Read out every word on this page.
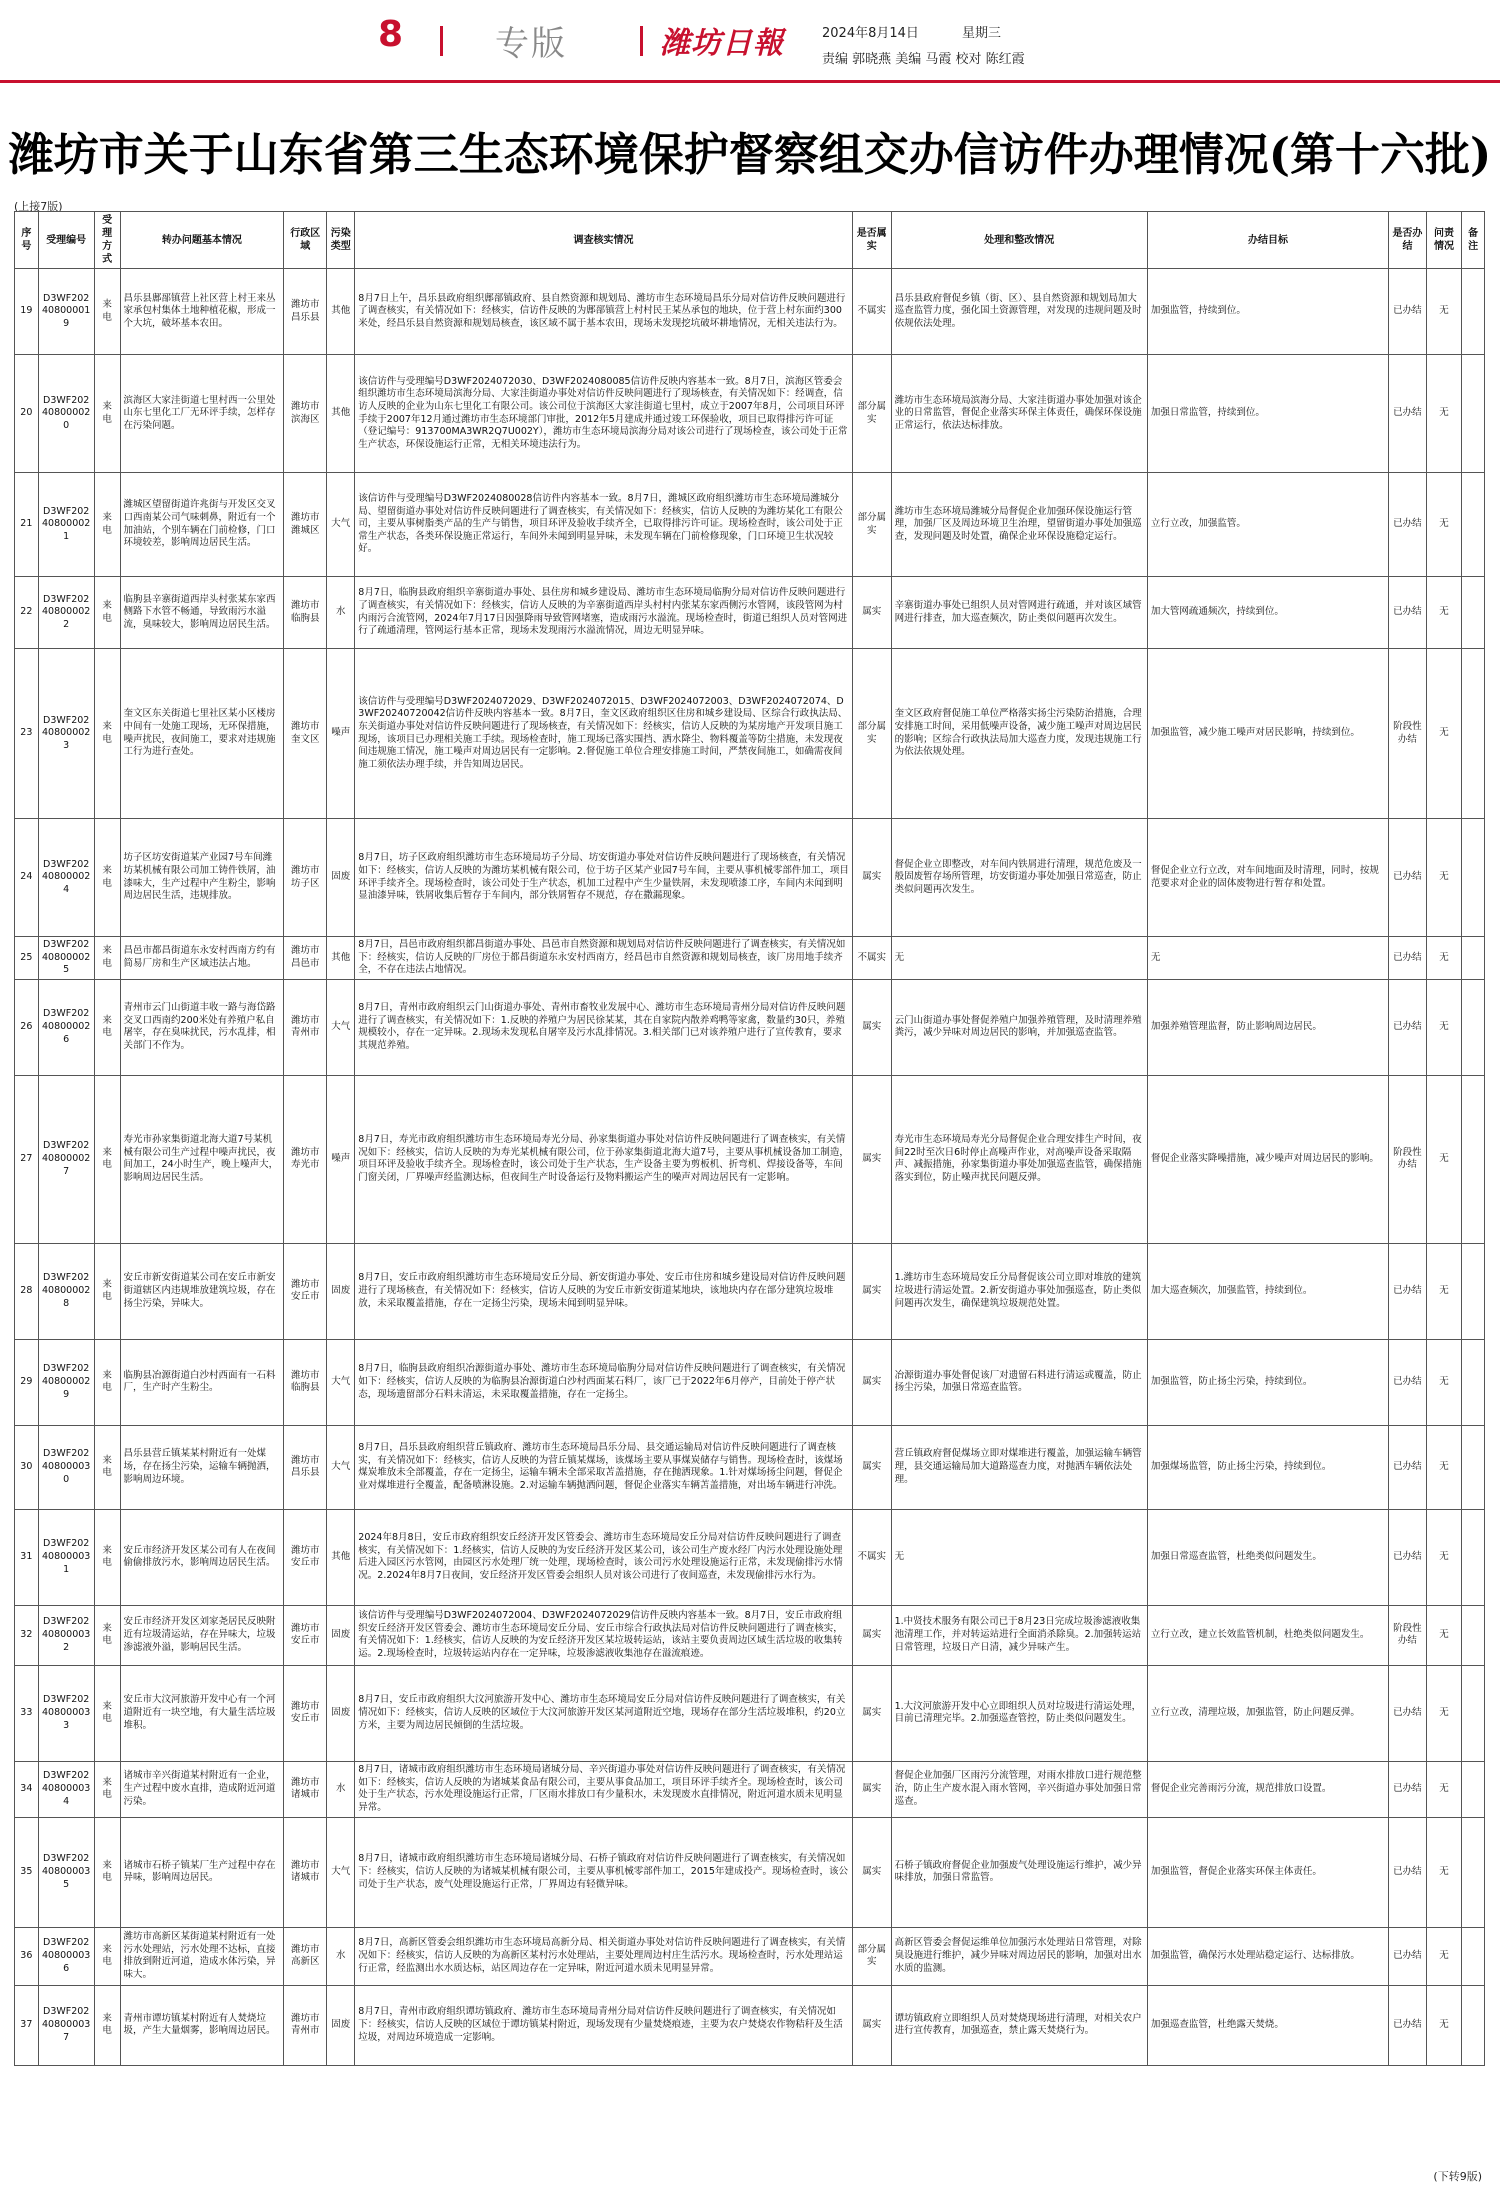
8	专版	潍坊日報	2024年8月14日	星期三
责编 郭晓燕 美编 马霞 校对 陈红霞
潍坊市关于山东省第三生态环境保护督察组交办信访件办理情况(第十六批)
(上接7版)
序号	受理编号	受理方式	转办问题基本情况	行政区域	污染类型	调查核实情况	是否属实	处理和整改情况	办结目标	是否办结	问责情况	备注
19	D3WF202408000019	来电	昌乐县鄌郚镇营上社区营上村王来丛家承包村集体土地种植花椒，形成一个大坑，破坏基本农田。	潍坊市昌乐县	其他	8月7日上午，昌乐县政府组织鄌郚镇政府、县自然资源和规划局、潍坊市生态环境局昌乐分局对信访件反映问题进行了调查核实，有关情况如下：经核实，信访件反映的为鄌郚镇营上村村民王某丛承包的地块，位于营上村东面约300米处，经昌乐县自然资源和规划局核查，该区域不属于基本农田，现场未发现挖坑破坏耕地情况，无相关违法行为。	不属实	昌乐县政府督促乡镇（街、区）、县自然资源和规划局加大巡查监管力度，强化国土资源管理，对发现的违规问题及时依规依法处理。	加强监管，持续到位。	已办结	无	
20	D3WF202408000020	来电	滨海区大家洼街道七里村西一公里处山东七里化工厂无环评手续，怎样存在污染问题。	潍坊市滨海区	其他	该信访件与受理编号D3WF2024072030、D3WF2024080085信访件反映内容基本一致。8月7日，滨海区管委会组织潍坊市生态环境局滨海分局、大家洼街道办事处对信访件反映问题进行了现场核查，有关情况如下：经调查，信访人反映的企业为山东七里化工有限公司。该公司位于滨海区大家洼街道七里村，成立于2007年8月，公司项目环评手续于2007年12月通过潍坊市生态环境部门审批，2012年5月建成并通过竣工环保验收，项目已取得排污许可证（登记编号：913700MA3WR2Q7U002Y），潍坊市生态环境局滨海分局对该公司进行了现场检查，该公司处于正常生产状态，环保设施运行正常，无相关环境违法行为。	部分属实	潍坊市生态环境局滨海分局、大家洼街道办事处加强对该企业的日常监管，督促企业落实环保主体责任，确保环保设施正常运行，依法达标排放。	加强日常监管，持续到位。	已办结	无	
21	D3WF202408000021	来电	潍城区望留街道许兆街与开发区交叉口西南某公司气味刺鼻，附近有一个加油站，个别车辆在门前检修，门口环境较差，影响周边居民生活。	潍坊市潍城区	大气	该信访件与受理编号D3WF2024080028信访件内容基本一致。8月7日，潍城区政府组织潍坊市生态环境局潍城分局、望留街道办事处对信访件反映问题进行了调查核实，有关情况如下：经核实，信访人反映的为潍坊某化工有限公司，主要从事树脂类产品的生产与销售，项目环评及验收手续齐全，已取得排污许可证。现场检查时，该公司处于正常生产状态，各类环保设施正常运行，车间外未闻到明显异味，未发现车辆在门前检修现象，门口环境卫生状况较好。	部分属实	潍坊市生态环境局潍城分局督促企业加强环保设施运行管理，加强厂区及周边环境卫生治理，望留街道办事处加强巡查，发现问题及时处置，确保企业环保设施稳定运行。	立行立改，加强监管。	已办结	无	
22	D3WF202408000022	来电	临朐县辛寨街道西岸头村张某东家西侧路下水管不畅通，导致雨污水溢流，臭味较大，影响周边居民生活。	潍坊市临朐县	水	8月7日，临朐县政府组织辛寨街道办事处、县住房和城乡建设局、潍坊市生态环境局临朐分局对信访件反映问题进行了调查核实，有关情况如下：经核实，信访人反映的为辛寨街道西岸头村村内张某东家西侧污水管网，该段管网为村内雨污合流管网，2024年7月17日因强降雨导致管网堵塞，造成雨污水溢流。现场检查时，街道已组织人员对管网进行了疏通清理，管网运行基本正常，现场未发现雨污水溢流情况，周边无明显异味。	属实	辛寨街道办事处已组织人员对管网进行疏通，并对该区域管网进行排查，加大巡查频次，防止类似问题再次发生。	加大管网疏通频次，持续到位。	已办结	无	
23	D3WF202408000023	来电	奎文区东关街道七里社区某小区楼房中间有一处施工现场，无环保措施，噪声扰民，夜间施工，要求对违规施工行为进行查处。	潍坊市奎文区	噪声	该信访件与受理编号D3WF2024072029、D3WF2024072015、D3WF2024072003、D3WF2024072074、D3WF20240720042信访件反映内容基本一致。8月7日，奎文区政府组织区住房和城乡建设局、区综合行政执法局、东关街道办事处对信访件反映问题进行了现场核查，有关情况如下：经核实，信访人反映的为某房地产开发项目施工现场，该项目已办理相关施工手续。现场检查时，施工现场已落实围挡、洒水降尘、物料覆盖等防尘措施，未发现夜间违规施工情况，施工噪声对周边居民有一定影响。2.督促施工单位合理安排施工时间，严禁夜间施工，如确需夜间施工须依法办理手续，并告知周边居民。	部分属实	奎文区政府督促施工单位严格落实扬尘污染防治措施，合理安排施工时间，采用低噪声设备，减少施工噪声对周边居民的影响；区综合行政执法局加大巡查力度，发现违规施工行为依法依规处理。	加强监管，减少施工噪声对居民影响，持续到位。	阶段性办结	无	
24	D3WF202408000024	来电	坊子区坊安街道某产业园7号车间潍坊某机械有限公司加工铸件铁屑，油漆味大，生产过程中产生粉尘，影响周边居民生活，违规排放。	潍坊市坊子区	固废	8月7日，坊子区政府组织潍坊市生态环境局坊子分局、坊安街道办事处对信访件反映问题进行了现场核查，有关情况如下：经核实，信访人反映的为潍坊某机械有限公司，位于坊子区某产业园7号车间，主要从事机械零部件加工，项目环评手续齐全。现场检查时，该公司处于生产状态，机加工过程中产生少量铁屑，未发现喷漆工序，车间内未闻到明显油漆异味，铁屑收集后暂存于车间内，部分铁屑暂存不规范，存在撒漏现象。	属实	督促企业立即整改，对车间内铁屑进行清理，规范危废及一般固废暂存场所管理，坊安街道办事处加强日常巡查，防止类似问题再次发生。	督促企业立行立改，对车间地面及时清理，同时，按规范要求对企业的固体废物进行暂存和处置。	已办结	无	
25	D3WF202408000025	来电	昌邑市都昌街道东永安村西南方约有简易厂房和生产区域违法占地。	潍坊市昌邑市	其他	8月7日，昌邑市政府组织都昌街道办事处、昌邑市自然资源和规划局对信访件反映问题进行了调查核实，有关情况如下：经核实，信访人反映的厂房位于都昌街道东永安村西南方，经昌邑市自然资源和规划局核查，该厂房用地手续齐全，不存在违法占地情况。	不属实	无	无	已办结	无	
26	D3WF202408000026	来电	青州市云门山街道丰收一路与海岱路交叉口西南约200米处有养殖户私自屠宰，存在臭味扰民，污水乱排，相关部门不作为。	潍坊市青州市	大气	8月7日，青州市政府组织云门山街道办事处、青州市畜牧业发展中心、潍坊市生态环境局青州分局对信访件反映问题进行了调查核实，有关情况如下：1.反映的养殖户为居民徐某某，其在自家院内散养鸡鸭等家禽，数量约30只，养殖规模较小，存在一定异味。2.现场未发现私自屠宰及污水乱排情况。3.相关部门已对该养殖户进行了宣传教育，要求其规范养殖。	属实	云门山街道办事处督促养殖户加强养殖管理，及时清理养殖粪污，减少异味对周边居民的影响，并加强巡查监管。	加强养殖管理监督，防止影响周边居民。	已办结	无	
27	D3WF202408000027	来电	寿光市孙家集街道北海大道7号某机械有限公司生产过程中噪声扰民，夜间加工，24小时生产，晚上噪声大，影响周边居民生活。	潍坊市寿光市	噪声	8月7日，寿光市政府组织潍坊市生态环境局寿光分局、孙家集街道办事处对信访件反映问题进行了调查核实，有关情况如下：经核实，信访人反映的为寿光某机械有限公司，位于孙家集街道北海大道7号，主要从事机械设备加工制造，项目环评及验收手续齐全。现场检查时，该公司处于生产状态，生产设备主要为剪板机、折弯机、焊接设备等，车间门窗关闭，厂界噪声经监测达标，但夜间生产时设备运行及物料搬运产生的噪声对周边居民有一定影响。	属实	寿光市生态环境局寿光分局督促企业合理安排生产时间，夜间22时至次日6时停止高噪声作业，对高噪声设备采取隔声、减振措施，孙家集街道办事处加强巡查监管，确保措施落实到位，防止噪声扰民问题反弹。	督促企业落实降噪措施，减少噪声对周边居民的影响。	阶段性办结	无	
28	D3WF202408000028	来电	安丘市新安街道某公司在安丘市新安街道辖区内违规堆放建筑垃圾，存在扬尘污染，异味大。	潍坊市安丘市	固废	8月7日，安丘市政府组织潍坊市生态环境局安丘分局、新安街道办事处、安丘市住房和城乡建设局对信访件反映问题进行了现场核查，有关情况如下：经核实，信访人反映的为安丘市新安街道某地块，该地块内存在部分建筑垃圾堆放，未采取覆盖措施，存在一定扬尘污染，现场未闻到明显异味。	属实	1.潍坊市生态环境局安丘分局督促该公司立即对堆放的建筑垃圾进行清运处置。2.新安街道办事处加强巡查，防止类似问题再次发生，确保建筑垃圾规范处置。	加大巡查频次，加强监管，持续到位。	已办结	无	
29	D3WF202408000029	来电	临朐县冶源街道白沙村西面有一石料厂，生产时产生粉尘。	潍坊市临朐县	大气	8月7日，临朐县政府组织冶源街道办事处、潍坊市生态环境局临朐分局对信访件反映问题进行了调查核实，有关情况如下：经核实，信访人反映的为临朐县冶源街道白沙村西面某石料厂，该厂已于2022年6月停产，目前处于停产状态，现场遗留部分石料未清运，未采取覆盖措施，存在一定扬尘。	属实	冶源街道办事处督促该厂对遗留石料进行清运或覆盖，防止扬尘污染，加强日常巡查监管。	加强监管，防止扬尘污染，持续到位。	已办结	无	
30	D3WF202408000030	来电	昌乐县营丘镇某某村附近有一处煤场，存在扬尘污染，运输车辆抛洒，影响周边环境。	潍坊市昌乐县	大气	8月7日，昌乐县政府组织营丘镇政府、潍坊市生态环境局昌乐分局、县交通运输局对信访件反映问题进行了调查核实，有关情况如下：经核实，信访人反映的为营丘镇某煤场，该煤场主要从事煤炭储存与销售。现场检查时，该煤场煤炭堆放未全部覆盖，存在一定扬尘，运输车辆未全部采取苫盖措施，存在抛洒现象。1.针对煤场扬尘问题，督促企业对煤堆进行全覆盖，配备喷淋设施。2.对运输车辆抛洒问题，督促企业落实车辆苫盖措施，对出场车辆进行冲洗。	属实	营丘镇政府督促煤场立即对煤堆进行覆盖，加强运输车辆管理，县交通运输局加大道路巡查力度，对抛洒车辆依法处理。	加强煤场监管，防止扬尘污染，持续到位。	已办结	无	
31	D3WF202408000031	来电	安丘市经济开发区某公司有人在夜间偷偷排放污水，影响周边居民生活。	潍坊市安丘市	其他	2024年8月8日，安丘市政府组织安丘经济开发区管委会、潍坊市生态环境局安丘分局对信访件反映问题进行了调查核实，有关情况如下：1.经核实，信访人反映的为安丘经济开发区某公司，该公司生产废水经厂内污水处理设施处理后进入园区污水管网，由园区污水处理厂统一处理，现场检查时，该公司污水处理设施运行正常，未发现偷排污水情况。2.2024年8月7日夜间，安丘经济开发区管委会组织人员对该公司进行了夜间巡查，未发现偷排污水行为。	不属实	无	加强日常巡查监管，杜绝类似问题发生。	已办结	无	
32	D3WF202408000032	来电	安丘市经济开发区刘家尧居民反映附近有垃圾清运站，存在异味大，垃圾渗滤液外溢，影响居民生活。	潍坊市安丘市	固废	该信访件与受理编号D3WF2024072004、D3WF2024072029信访件反映内容基本一致。8月7日，安丘市政府组织安丘经济开发区管委会、潍坊市生态环境局安丘分局、安丘市综合行政执法局对信访件反映问题进行了调查核实，有关情况如下：1.经核实，信访人反映的为安丘经济开发区某垃圾转运站，该站主要负责周边区域生活垃圾的收集转运。2.现场检查时，垃圾转运站内存在一定异味，垃圾渗滤液收集池存在溢流痕迹。	属实	1.中贤技术服务有限公司已于8月23日完成垃圾渗滤液收集池清理工作，并对转运站进行全面消杀除臭。2.加强转运站日常管理，垃圾日产日清，减少异味产生。	立行立改，建立长效监管机制，杜绝类似问题发生。	阶段性办结	无	
33	D3WF202408000033	来电	安丘市大汶河旅游开发中心有一个河道附近有一块空地，有大量生活垃圾堆积。	潍坊市安丘市	固废	8月7日，安丘市政府组织大汶河旅游开发中心、潍坊市生态环境局安丘分局对信访件反映问题进行了调查核实，有关情况如下：经核实，信访人反映的区域位于大汶河旅游开发区某河道附近空地，现场存在部分生活垃圾堆积，约20立方米，主要为周边居民倾倒的生活垃圾。	属实	1.大汶河旅游开发中心立即组织人员对垃圾进行清运处理，目前已清理完毕。2.加强巡查管控，防止类似问题发生。	立行立改，清理垃圾，加强监管，防止问题反弹。	已办结	无	
34	D3WF202408000034	来电	诸城市辛兴街道某村附近有一企业，生产过程中废水直排，造成附近河道污染。	潍坊市诸城市	水	8月7日，诸城市政府组织潍坊市生态环境局诸城分局、辛兴街道办事处对信访件反映问题进行了调查核实，有关情况如下：经核实，信访人反映的为诸城某食品有限公司，主要从事食品加工，项目环评手续齐全。现场检查时，该公司处于生产状态，污水处理设施运行正常，厂区雨水排放口有少量积水，未发现废水直排情况，附近河道水质未见明显异常。	属实	督促企业加强厂区雨污分流管理，对雨水排放口进行规范整治，防止生产废水混入雨水管网，辛兴街道办事处加强日常巡查。	督促企业完善雨污分流，规范排放口设置。	已办结	无	
35	D3WF202408000035	来电	诸城市石桥子镇某厂生产过程中存在异味，影响周边居民。	潍坊市诸城市	大气	8月7日，诸城市政府组织潍坊市生态环境局诸城分局、石桥子镇政府对信访件反映问题进行了调查核实，有关情况如下：经核实，信访人反映的为诸城某机械有限公司，主要从事机械零部件加工，2015年建成投产。现场检查时，该公司处于生产状态，废气处理设施运行正常，厂界周边有轻微异味。	属实	石桥子镇政府督促企业加强废气处理设施运行维护，减少异味排放，加强日常监管。	加强监管，督促企业落实环保主体责任。	已办结	无	
36	D3WF202408000036	来电	潍坊市高新区某街道某村附近有一处污水处理站，污水处理不达标，直接排放到附近河道，造成水体污染，异味大。	潍坊市高新区	水	8月7日，高新区管委会组织潍坊市生态环境局高新分局、相关街道办事处对信访件反映问题进行了调查核实，有关情况如下：经核实，信访人反映的为高新区某村污水处理站，主要处理周边村庄生活污水。现场检查时，污水处理站运行正常，经监测出水水质达标，站区周边存在一定异味，附近河道水质未见明显异常。	部分属实	高新区管委会督促运维单位加强污水处理站日常管理，对除臭设施进行维护，减少异味对周边居民的影响，加强对出水水质的监测。	加强监管，确保污水处理站稳定运行、达标排放。	已办结	无	
37	D3WF202408000037	来电	青州市谭坊镇某村附近有人焚烧垃圾，产生大量烟雾，影响周边居民。	潍坊市青州市	固废	8月7日，青州市政府组织谭坊镇政府、潍坊市生态环境局青州分局对信访件反映问题进行了调查核实，有关情况如下：经核实，信访人反映的区域位于谭坊镇某村附近，现场发现有少量焚烧痕迹，主要为农户焚烧农作物秸秆及生活垃圾，对周边环境造成一定影响。	属实	谭坊镇政府立即组织人员对焚烧现场进行清理，对相关农户进行宣传教育，加强巡查，禁止露天焚烧行为。	加强巡查监管，杜绝露天焚烧。	已办结	无	
(下转9版)
